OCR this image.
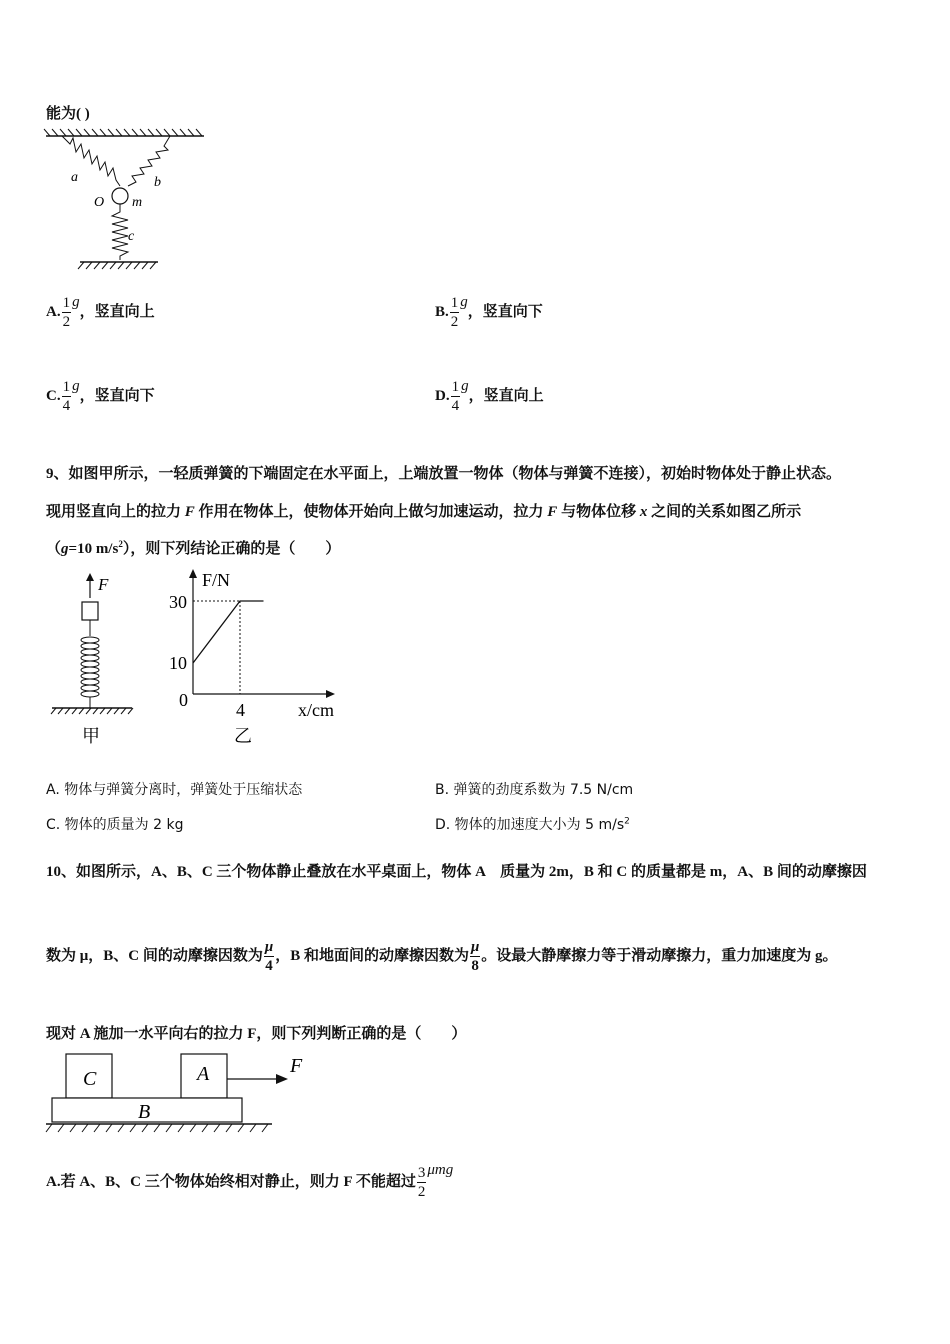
能为( )
a	b
O m
c
A. $\frac{1}{2}$ g，竖直向上	B. $\frac{1}{2}$ g，竖直向下
C. $\frac{1}{4}$ g，竖直向下	D. $\frac{1}{4}$ g，竖直向上
9、如图甲所示，一轻质弹簧的下端固定在水平面上，上端放置一物体（物体与弹簧不连接），初始时物体处于静止状态。
现用竖直向上的拉力 F 作用在物体上，使物体开始向上做匀加速运动，拉力 F 与物体位移 x 之间的关系如图乙所示
（g=10 $m/s^2$），则下列结论正确的是（　　）
F
甲
F/N
x/cm
30
10
0	4
乙
A. 物体与弹簧分离时，弹簧处于压缩状态	B. 弹簧的劲度系数为 7.5 N/cm
C. 物体的质量为 2 kg	D. 物体的加速度大小为 5 $m/s^2$
10、如图所示，A、B、C 三个物体静止叠放在水平桌面上，物体 A　质量为 2m，B 和 C 的质量都是 m，A、B 间的动摩擦因
数为 μ，B、C 间的动摩擦因数为 $\frac{\mu}{4}$ ，B 和地面间的动摩擦因数为 $\frac{\mu}{8}$ 。设最大静摩擦力等于滑动摩擦力，重力加速度为 g。
现对 A 施加一水平向右的拉力 F，则下列判断正确的是（　　）
C	A	F
B
A.若 A、B、C 三个物体始终相对静止，则力 F 不能超过 $\frac{3}{2}$ μmg
